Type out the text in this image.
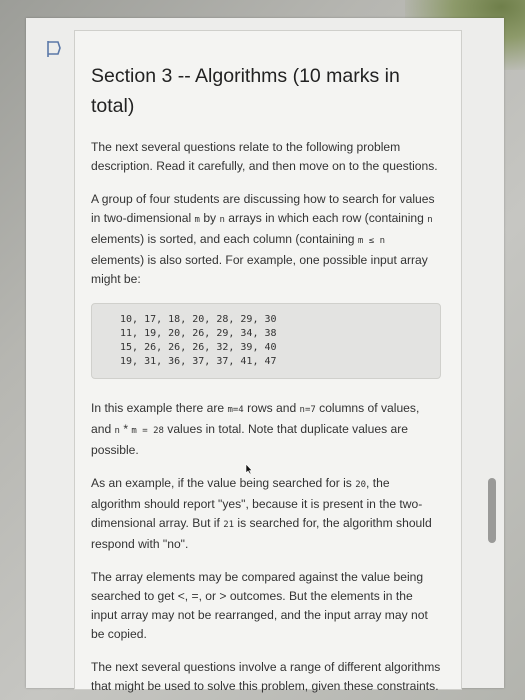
Section 3 -- Algorithms (10 marks in total)

The next several questions relate to the following problem description. Read it carefully, and then move on to the questions.

A group of four students are discussing how to search for values in two-dimensional m by n arrays in which each row (containing n elements) is sorted, and each column (containing m ≤ n elements) is also sorted. For example, one possible input array might be:

10, 17, 18, 20, 28, 29, 30
11, 19, 20, 26, 29, 34, 38
15, 26, 26, 26, 32, 39, 40
19, 31, 36, 37, 37, 41, 47

In this example there are m=4 rows and n=7 columns of values, and n * m = 28 values in total. Note that duplicate values are possible.

As an example, if the value being searched for is 20, the algorithm should report "yes", because it is present in the two-dimensional array. But if 21 is searched for, the algorithm should respond with "no".

The array elements may be compared against the value being searched to get <, =, or > outcomes. But the elements in the input array may not be rearranged, and the input array may not be copied.

The next several questions involve a range of different algorithms that might be used to solve this problem, given these constraints.
